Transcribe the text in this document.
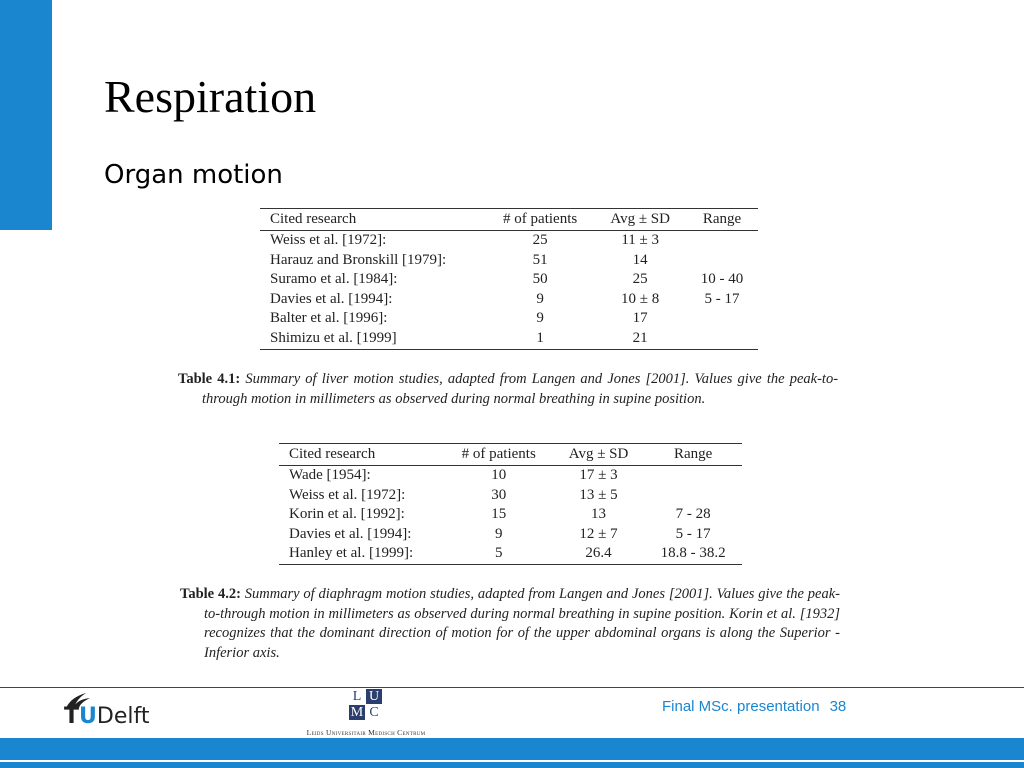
Respiration
Organ motion
Cited research	# of patients	Avg ± SD	Range
Weiss et al. [1972]:	25	11 ± 3	
Harauz and Bronskill [1979]:	51	14	
Suramo et al. [1984]:	50	25	10 - 40
Davies et al. [1994]:	9	10 ± 8	5 - 17
Balter et al. [1996]:	9	17	
Shimizu et al. [1999]	1	21	

Table 4.1: Summary of liver motion studies, adapted from Langen and Jones [2001]. Values give the peak-to-through motion in millimeters as observed during normal breathing in supine position.

Cited research	# of patients	Avg ± SD	Range
Wade [1954]:	10	17 ± 3	
Weiss et al. [1972]:	30	13 ± 5	
Korin et al. [1992]:	15	13	7 - 28
Davies et al. [1994]:	9	12 ± 7	5 - 17
Hanley et al. [1999]:	5	26.4	18.8 - 38.2

Table 4.2: Summary of diaphragm motion studies, adapted from Langen and Jones [2001]. Values give the peak-to-through motion in millimeters as observed during normal breathing in supine position. Korin et al. [1932] recognizes that the dominant direction of motion for of the upper abdominal organs is along the Superior - Inferior axis.

TUDelft
L U
M C
Leids Universitair Medisch Centrum
Final MSc. presentation 38
